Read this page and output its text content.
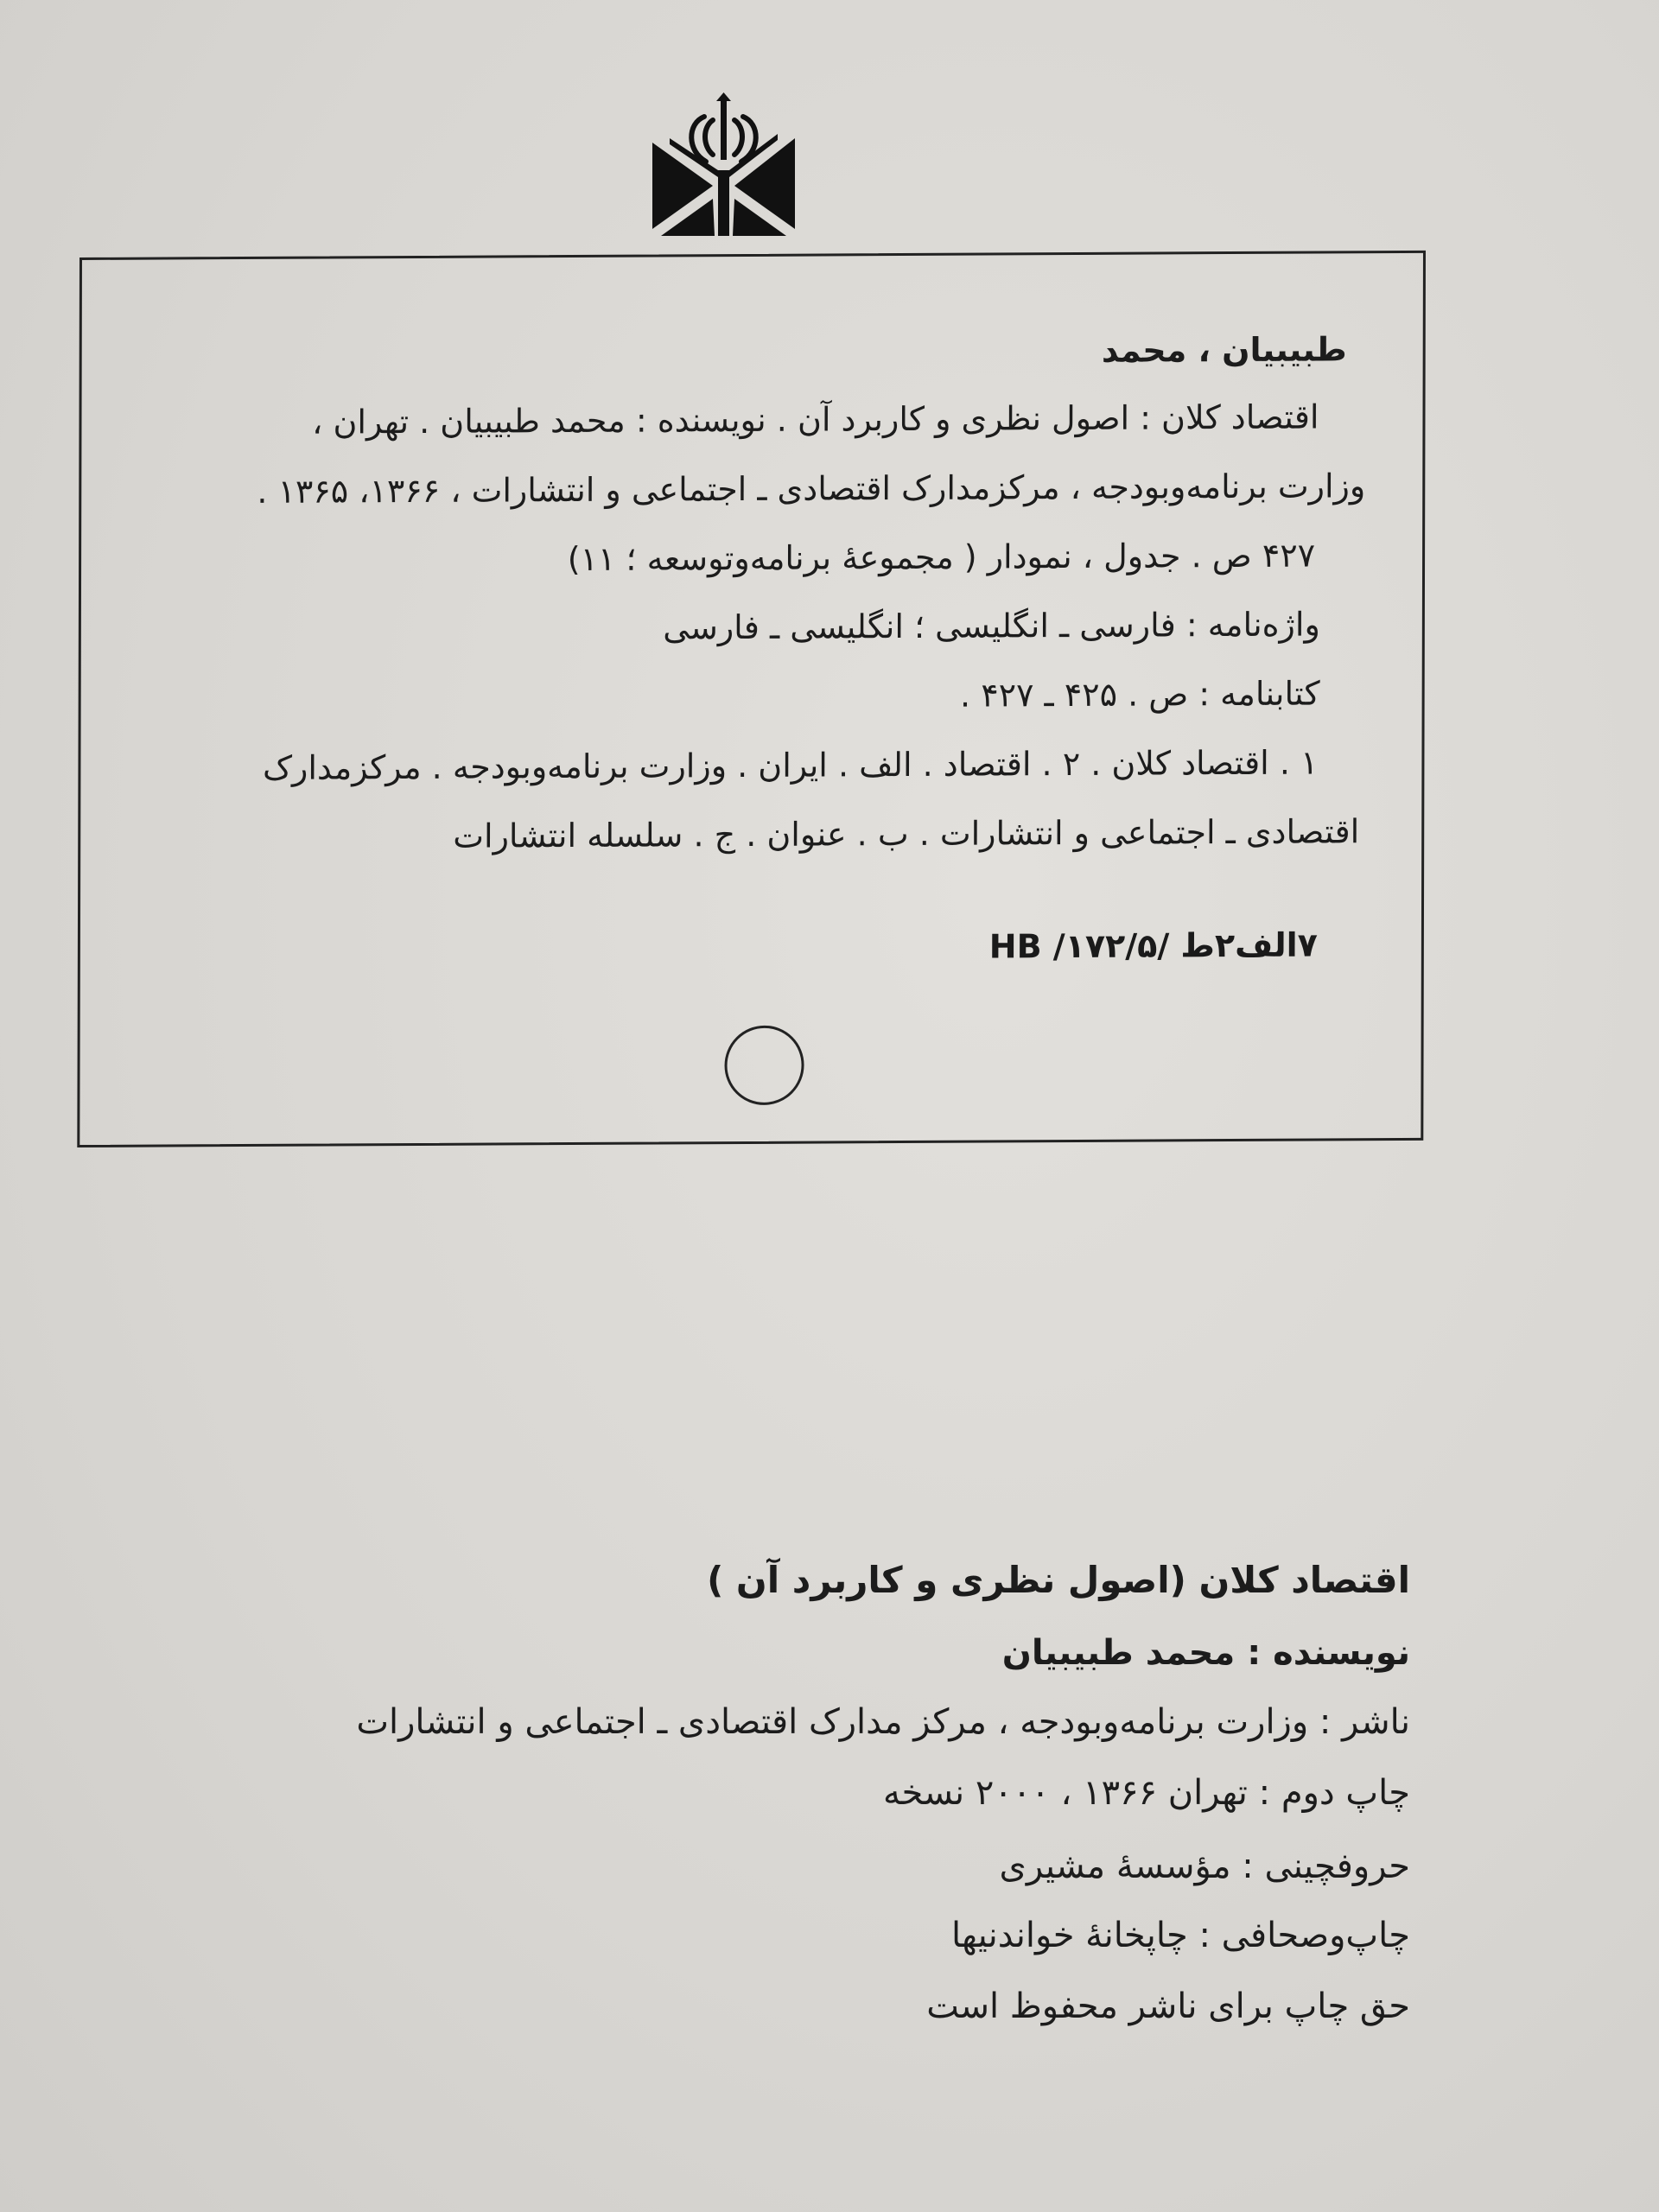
طبیبیان ، محمد
اقتصاد کلان : اصول نظری و کاربرد آن . نویسنده : محمد طبیبیان . تهران ،
وزارت برنامه‌وبودجه ، مرکزمدارک اقتصادی ـ اجتماعی و انتشارات ، ۱۳۶۶، ۱۳۶۵ .
۴۲۷ ص . جدول ، نمودار ( مجموعهٔ برنامه‌وتوسعه ؛ ۱۱)
واژه‌نامه : فارسی ـ انگلیسی ؛ انگلیسی ـ فارسی
کتابنامه : ص . ۴۲۵ ـ ۴۲۷ .
۱ . اقتصاد کلان . ۲ . اقتصاد . الف . ایران . وزارت برنامه‌وبودجه . مرکزمدارک
اقتصادی ـ اجتماعی و انتشارات . ب . عنوان . ج . سلسله انتشارات
۷الف۲ط /۱۷۲/۵/ HB
اقتصاد کلان (اصول نظری و کاربرد آن )
نویسنده : محمد طبیبیان
ناشر : وزارت برنامه‌وبودجه ، مرکز مدارک اقتصادی ـ اجتماعی و انتشارات
چاپ دوم : تهران ۱۳۶۶ ، ۲۰۰۰ نسخه
حروفچینی : مؤسسهٔ مشیری
چاپ‌وصحافی : چاپخانهٔ خواندنیها
حق چاپ برای ناشر محفوظ است
